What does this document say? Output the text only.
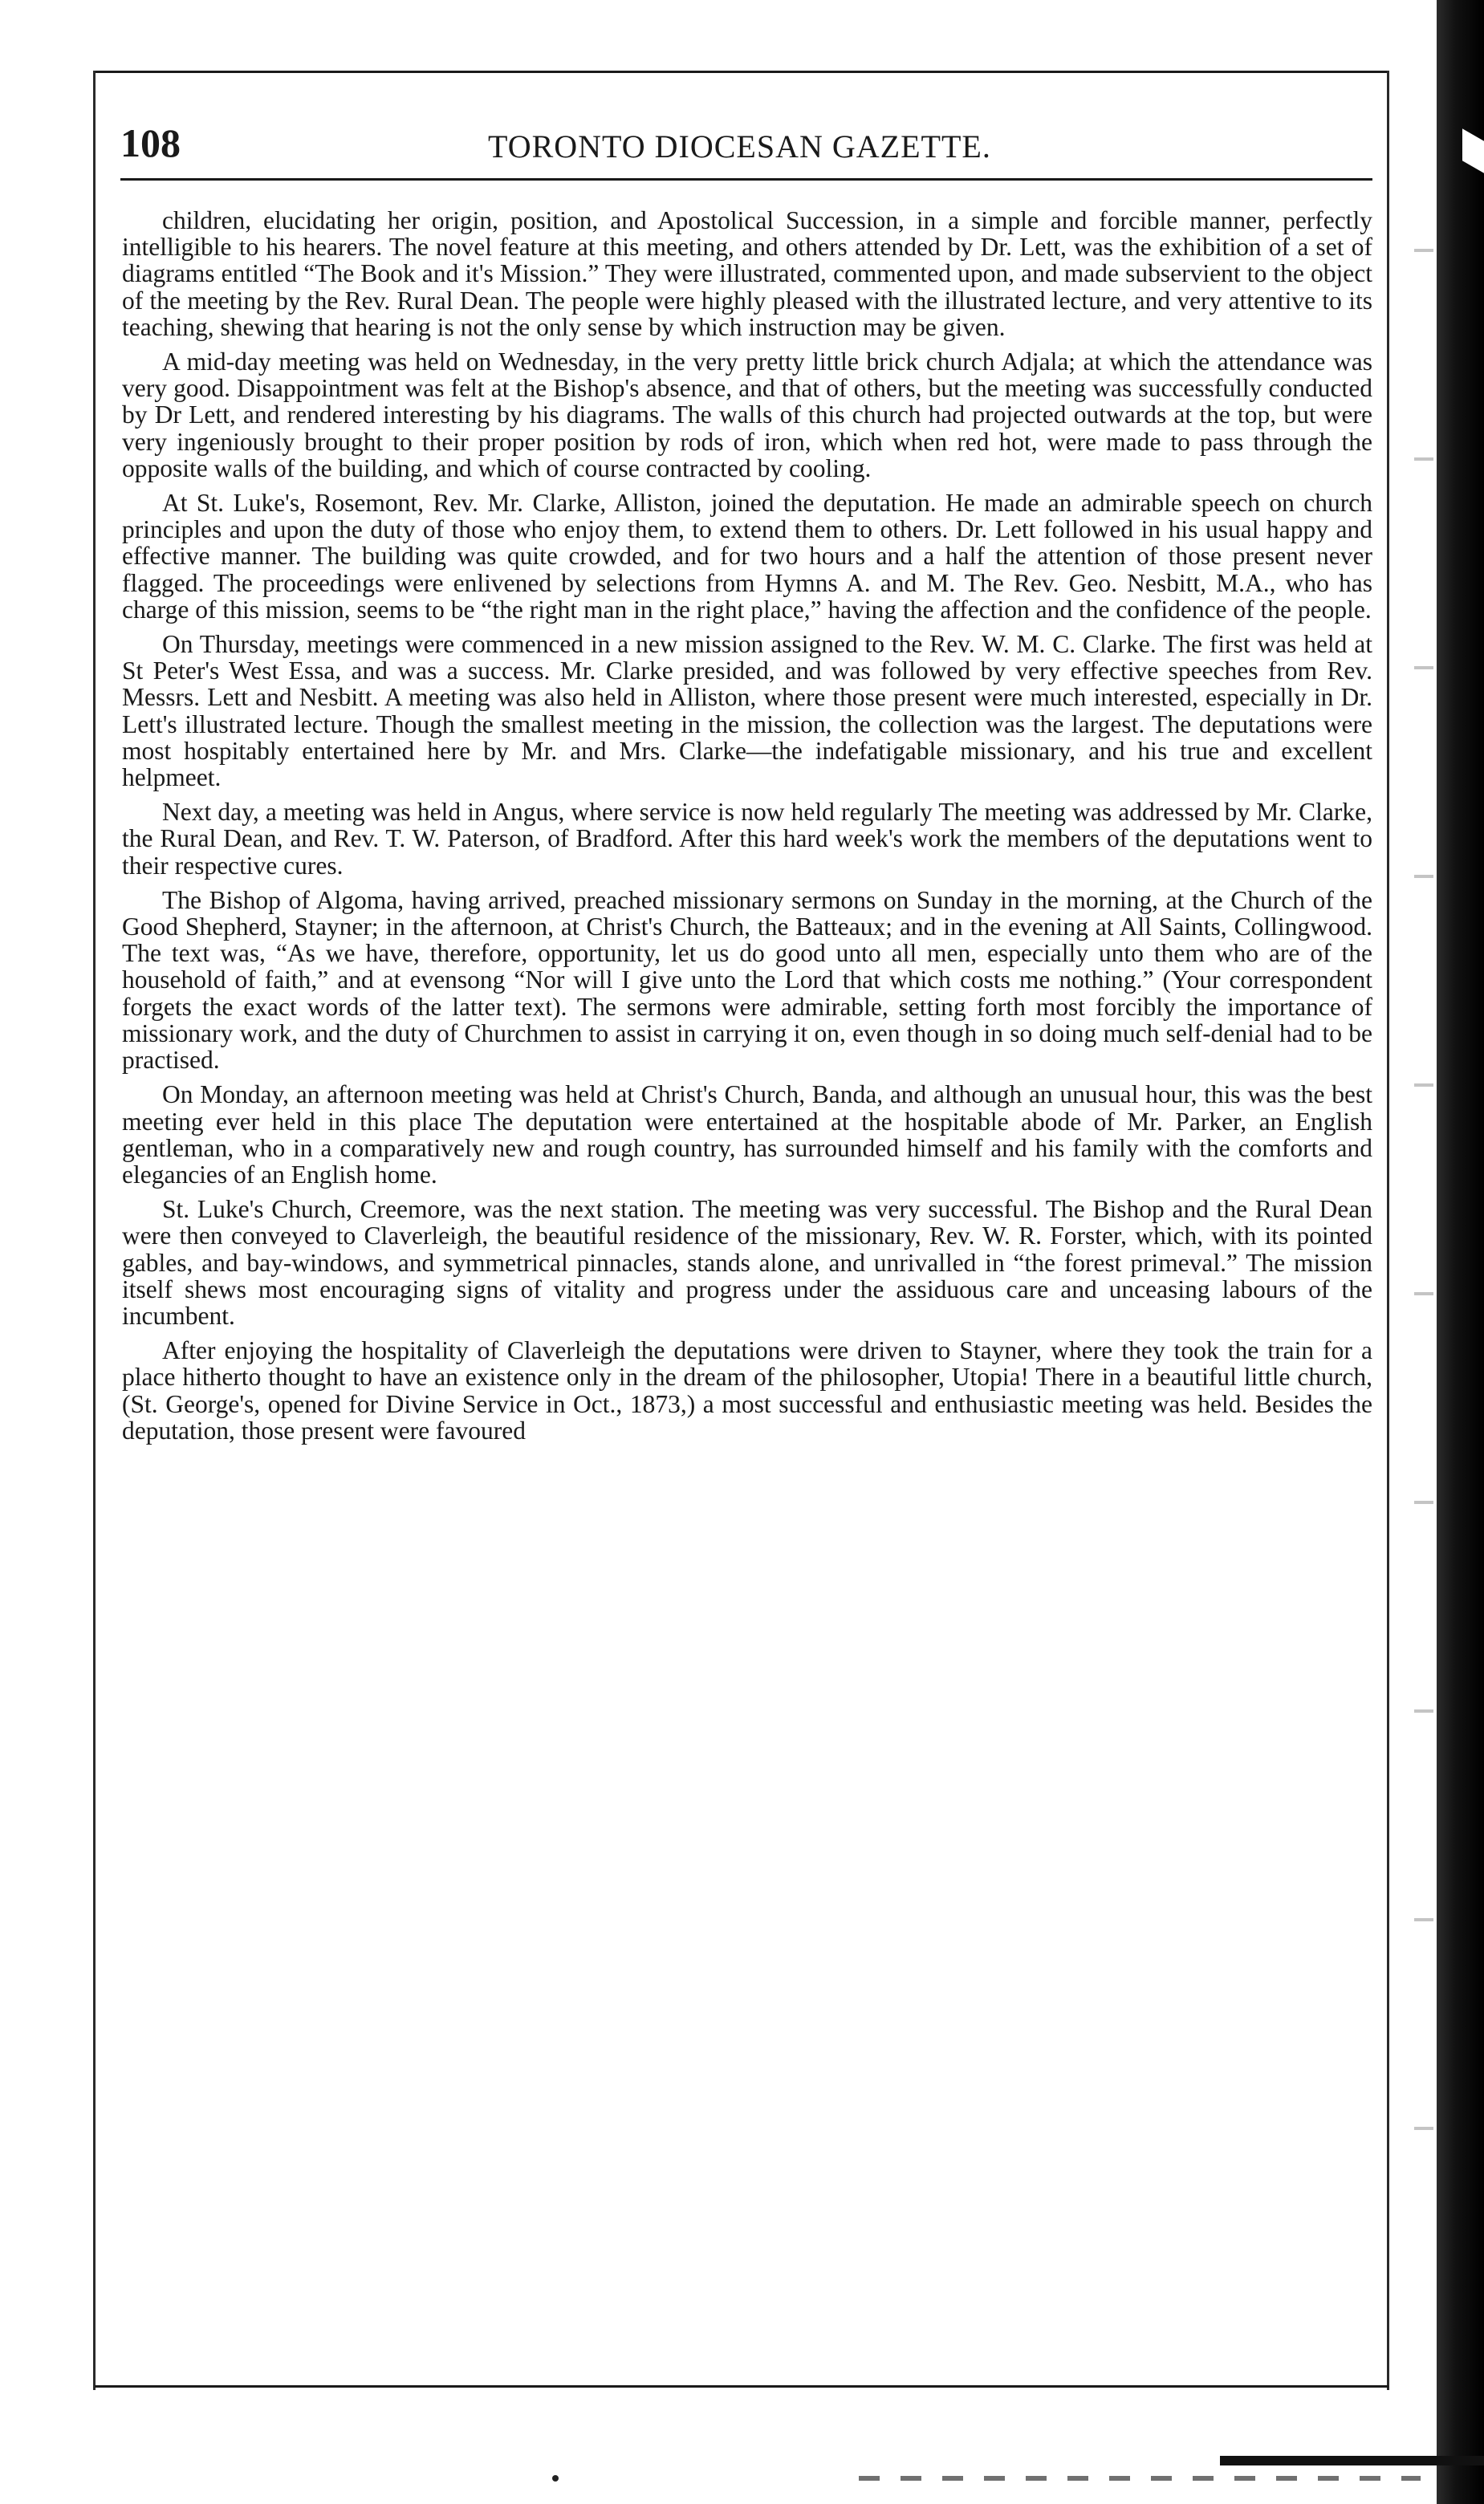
108	TORONTO DIOCESAN GAZETTE.

children, elucidating her origin, position, and Apostolical Succession, in a simple and forcible manner, perfectly intelligible to his hearers. The novel feature at this meeting, and others attended by Dr. Lett, was the exhibition of a set of diagrams entitled “The Book and it's Mission.” They were illustrated, commented upon, and made subservient to the object of the meeting by the Rev. Rural Dean. The people were highly pleased with the illustrated lecture, and very attentive to its teaching, shewing that hearing is not the only sense by which instruction may be given.

A mid-day meeting was held on Wednesday, in the very pretty little brick church Adjala; at which the attendance was very good. Disappointment was felt at the Bishop's absence, and that of others, but the meeting was successfully conducted by Dr Lett, and rendered interesting by his diagrams. The walls of this church had projected outwards at the top, but were very ingeniously brought to their proper position by rods of iron, which when red hot, were made to pass through the opposite walls of the building, and which of course contracted by cooling.

At St. Luke's, Rosemont, Rev. Mr. Clarke, Alliston, joined the deputation. He made an admirable speech on church principles and upon the duty of those who enjoy them, to extend them to others. Dr. Lett followed in his usual happy and effective manner. The building was quite crowded, and for two hours and a half the attention of those present never flagged. The proceedings were enlivened by selections from Hymns A. and M. The Rev. Geo. Nesbitt, M.A., who has charge of this mission, seems to be “the right man in the right place,” having the affection and the confidence of the people.

On Thursday, meetings were commenced in a new mission assigned to the Rev. W. M. C. Clarke. The first was held at St Peter's West Essa, and was a success. Mr. Clarke presided, and was followed by very effective speeches from Rev. Messrs. Lett and Nesbitt. A meeting was also held in Alliston, where those present were much interested, especially in Dr. Lett's illustrated lecture. Though the smallest meeting in the mission, the collection was the largest. The deputations were most hospitably entertained here by Mr. and Mrs. Clarke—the indefatigable missionary, and his true and excellent helpmeet.

Next day, a meeting was held in Angus, where service is now held regularly The meeting was addressed by Mr. Clarke, the Rural Dean, and Rev. T. W. Paterson, of Bradford. After this hard week's work the members of the deputations went to their respective cures.

The Bishop of Algoma, having arrived, preached missionary sermons on Sunday in the morning, at the Church of the Good Shepherd, Stayner; in the afternoon, at Christ's Church, the Batteaux; and in the evening at All Saints, Collingwood. The text was, “As we have, therefore, opportunity, let us do good unto all men, especially unto them who are of the household of faith,” and at evensong “Nor will I give unto the Lord that which costs me nothing.” (Your correspondent forgets the exact words of the latter text). The sermons were admirable, setting forth most forcibly the importance of missionary work, and the duty of Churchmen to assist in carrying it on, even though in so doing much self-denial had to be practised.

On Monday, an afternoon meeting was held at Christ's Church, Banda, and although an unusual hour, this was the best meeting ever held in this place The deputation were entertained at the hospitable abode of Mr. Parker, an English gentleman, who in a comparatively new and rough country, has surrounded himself and his family with the comforts and elegancies of an English home.

St. Luke's Church, Creemore, was the next station. The meeting was very successful. The Bishop and the Rural Dean were then conveyed to Claverleigh, the beautiful residence of the missionary, Rev. W. R. Forster, which, with its pointed gables, and bay-windows, and symmetrical pinnacles, stands alone, and unrivalled in “the forest primeval.” The mission itself shews most encouraging signs of vitality and progress under the assiduous care and unceasing labours of the incumbent.

After enjoying the hospitality of Claverleigh the deputations were driven to Stayner, where they took the train for a place hitherto thought to have an existence only in the dream of the philosopher, Utopia! There in a beautiful little church, (St. George's, opened for Divine Service in Oct., 1873,) a most successful and enthusiastic meeting was held. Besides the deputation, those present were favoured
